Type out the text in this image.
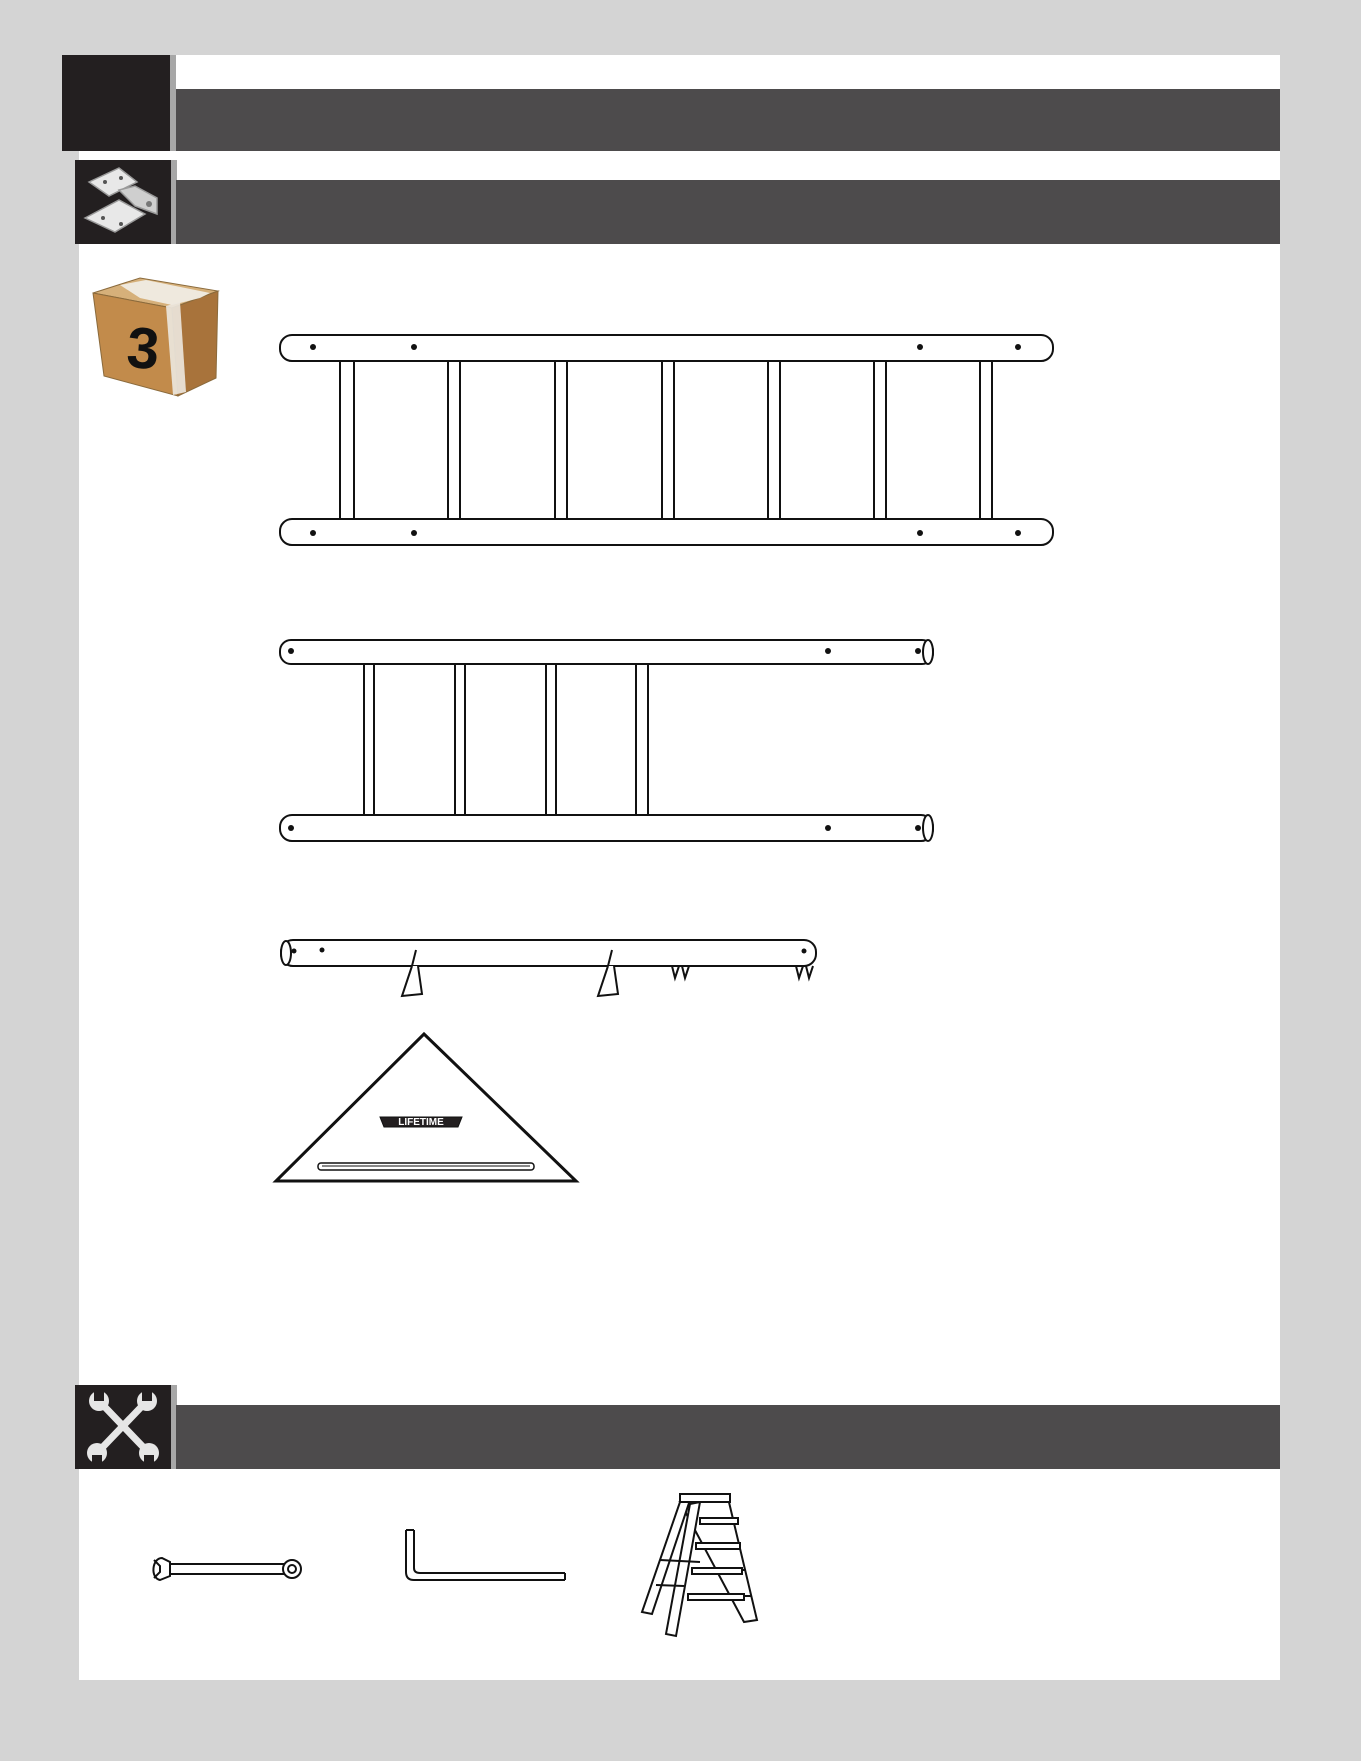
3
LIFETIME
